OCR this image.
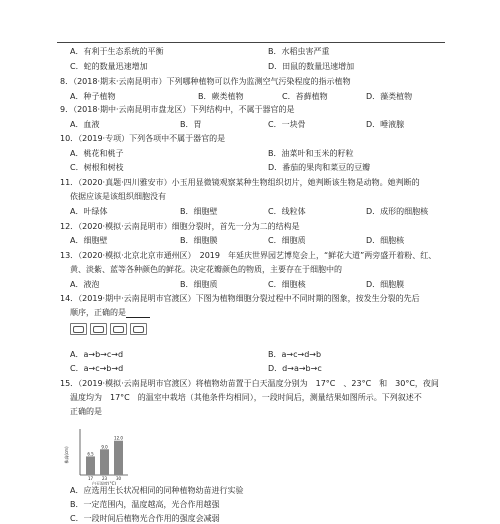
A．有利于生态系统的平衡	B．水稻虫害严重
C．蛇的数量迅速增加	D．田鼠的数量迅速增加
8．（2018·期末·云南昆明市）下列哪种植物可以作为监测空气污染程度的指示植物
A．种子植物	B．蕨类植物	C．苔藓植物	D．藻类植物
9．（2018·期中·云南昆明市盘龙区）下列结构中，不属于器官的是
A．血液	B．胃	C．一块骨	D．唾液腺
10．（2019·专项）下列各项中不属于器官的是
A．桃花和桃子	B．油菜叶和玉米的籽粒
C．树根和树枝	D．番茄的果肉和菜豆的豆瓣
11．（2020·真题·四川雅安市）小玉用显微镜观察某种生物组织切片，她判断该生物是动物。她判断的
依据应该是该组织细胞没有
A．叶绿体	B．细胞壁	C．线粒体	D．成形的细胞核
12．（2020·模拟·云南昆明市）细胞分裂时，首先一分为二的结构是
A．细胞壁	B．细胞膜	C．细胞质	D．细胞核
13．（2020·模拟·北京北京市通州区）　2019　年延庆世界园艺博览会上，“鲜花大道”两旁盛开着粉、红、
黄、淡紫、蓝等各种颜色的鲜花。决定花瓣颜色的物质，主要存在于细胞中的
A．液泡	B．细胞质	C．细胞核	D．细胞膜
14．（2019·期中·云南昆明市官渡区）下图为植物细胞分裂过程中不同时期的图象，按发生分裂的先后
顺序，正确的是
A．a→b→c→d	B．a→c→d→b
C．a→c→b→d	D．d→a→b→c
15．（2019·模拟·云南昆明市官渡区）将植物幼苗置于白天温度分别为　17°C　、23°C　和　30°C，夜间
温度均为　17°C　的温室中栽培（其他条件均相同），一段时间后，测量结果如图所示。下列叙述不
正确的是
A．应选用生长状况相同的同种植物幼苗进行实验
B．一定范围内，温度越高，光合作用越强
C．一段时间后植物光合作用的强度会减弱
6.5
17
9.0
23
12.0
30
白天温度(°C)
株高(cm)
